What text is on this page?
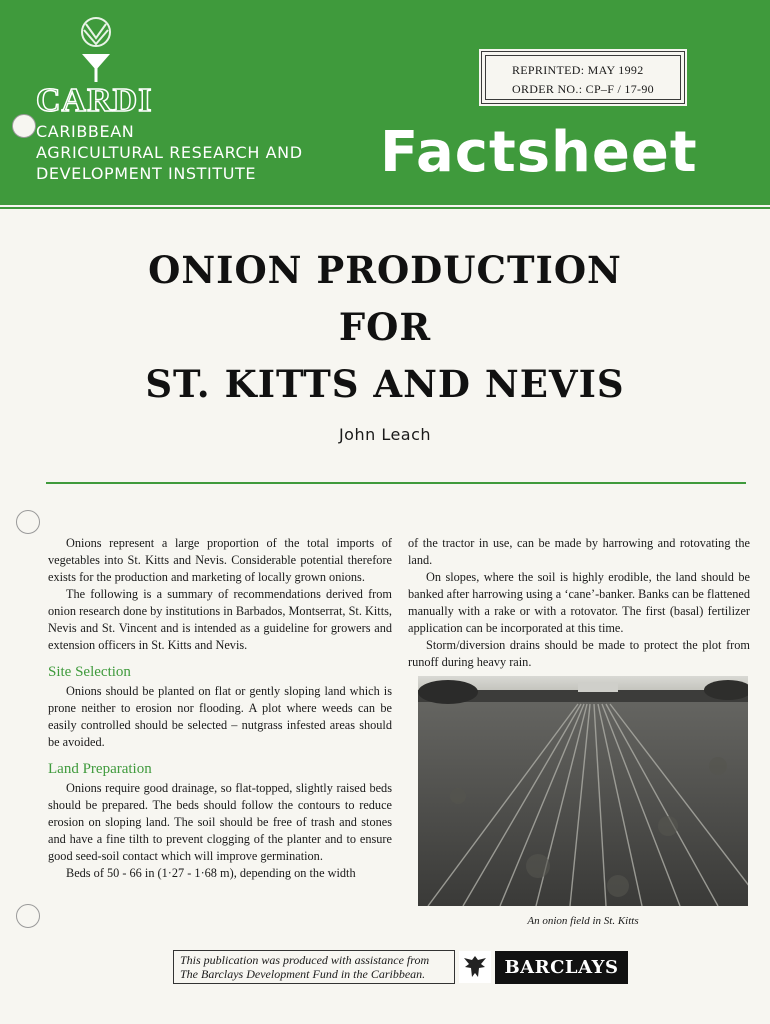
CARDI
CARIBBEAN
AGRICULTURAL RESEARCH AND
DEVELOPMENT INSTITUTE
REPRINTED: MAY 1992
ORDER NO.: CP–F / 17-90
Factsheet
ONION PRODUCTION
FOR
ST. KITTS AND NEVIS
John Leach

Onions represent a large proportion of the total imports of vegetables into St. Kitts and Nevis. Considerable potential therefore exists for the production and marketing of locally grown onions.

The following is a summary of recommendations derived from onion research done by institutions in Barbados, Montserrat, St. Kitts, Nevis and St. Vincent and is intended as a guideline for growers and extension officers in St. Kitts and Nevis.

Site Selection

Onions should be planted on flat or gently sloping land which is prone neither to erosion nor flooding. A plot where weeds can be easily controlled should be selected – nutgrass infested areas should be avoided.

Land Preparation

Onions require good drainage, so flat-topped, slightly raised beds should be prepared. The beds should follow the contours to reduce erosion on sloping land. The soil should be free of trash and stones and have a fine tilth to prevent clogging of the planter and to ensure good seed-soil contact which will improve germination.

Beds of 50 - 66 in (1·27 - 1·68 m), depending on the width

of the tractor in use, can be made by harrowing and rotovating the land.

On slopes, where the soil is highly erodible, the land should be banked after harrowing using a ‘cane’-banker. Banks can be flattened manually with a rake or with a rotovator. The first (basal) fertilizer application can be incorporated at this time.

Storm/diversion drains should be made to protect the plot from runoff during heavy rain.

An onion field in St. Kitts
This publication was produced with assistance from
The Barclays Development Fund in the Caribbean.	BARCLAYS
